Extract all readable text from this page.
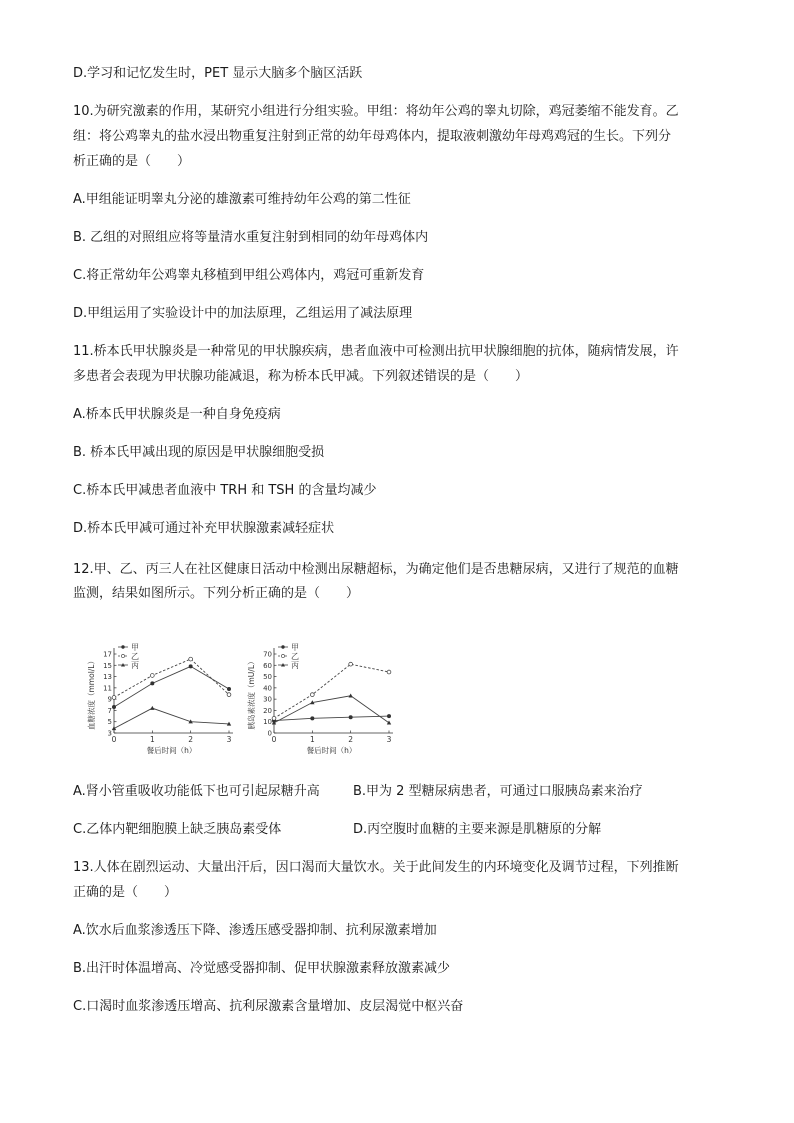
D.学习和记忆发生时，PET 显示大脑多个脑区活跃
10.为研究激素的作用，某研究小组进行分组实验。甲组：将幼年公鸡的睾丸切除，鸡冠萎缩不能发育。乙
组：将公鸡睾丸的盐水浸出物重复注射到正常的幼年母鸡体内，提取液刺激幼年母鸡鸡冠的生长。下列分
析正确的是（　　）
A.甲组能证明睾丸分泌的雄激素可维持幼年公鸡的第二性征
B. 乙组的对照组应将等量清水重复注射到相同的幼年母鸡体内
C.将正常幼年公鸡睾丸移植到甲组公鸡体内，鸡冠可重新发育
D.甲组运用了实验设计中的加法原理，乙组运用了减法原理
11.桥本氏甲状腺炎是一种常见的甲状腺疾病，患者血液中可检测出抗甲状腺细胞的抗体，随病情发展，许
多患者会表现为甲状腺功能减退，称为桥本氏甲减。下列叙述错误的是（　　）
A.桥本氏甲状腺炎是一种自身免疫病
B. 桥本氏甲减出现的原因是甲状腺细胞受损
C.桥本氏甲减患者血液中 TRH 和 TSH 的含量均减少
D.桥本氏甲减可通过补充甲状腺激素减轻症状
12.甲、乙、丙三人在社区健康日活动中检测出尿糖超标，为确定他们是否患糖尿病，又进行了规范的血糖
监测，结果如图所示。下列分析正确的是（　　）
3
5
7
9
11
13
15
17
0	1	2	3
餐后时间（h）
血糖浓度（mmol/L）
甲
乙
丙
0
10
20
30
40
50
60
70
0	1	2	3
餐后时间（h）
胰岛素浓度（mU/L）
甲
乙
丙
A.肾小管重吸收功能低下也可引起尿糖升高	B.甲为 2 型糖尿病患者，可通过口服胰岛素来治疗
C.乙体内靶细胞膜上缺乏胰岛素受体	D.丙空腹时血糖的主要来源是肌糖原的分解
13.人体在剧烈运动、大量出汗后，因口渴而大量饮水。关于此间发生的内环境变化及调节过程，下列推断
正确的是（　　）
A.饮水后血浆渗透压下降、渗透压感受器抑制、抗利尿激素增加
B.出汗时体温增高、冷觉感受器抑制、促甲状腺激素释放激素减少
C.口渴时血浆渗透压增高、抗利尿激素含量增加、皮层渴觉中枢兴奋
